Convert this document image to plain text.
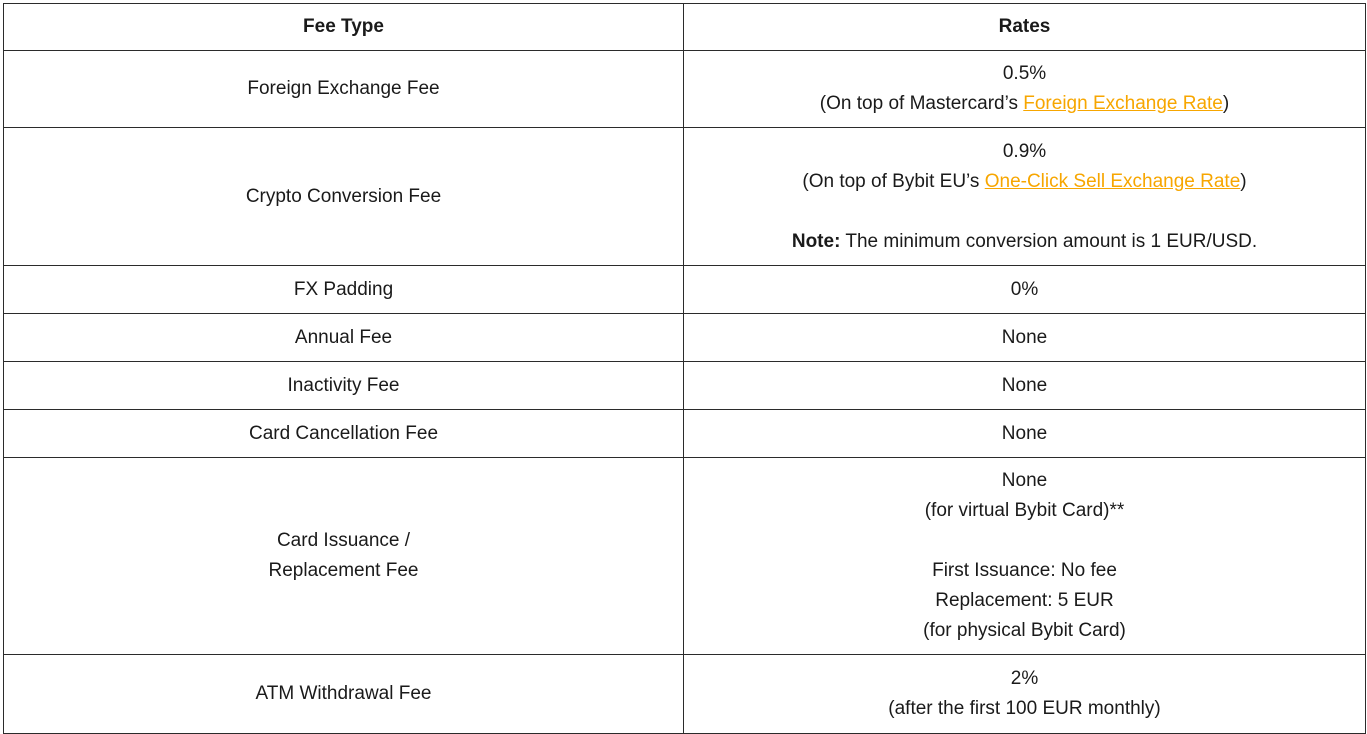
Fee Type	Rates
Foreign Exchange Fee	0.5%
(On top of Mastercard’s Foreign Exchange Rate)

Crypto Conversion Fee	0.9%
(On top of Bybit EU’s One-Click Sell Exchange Rate)
Note: The minimum conversion amount is 1 EUR/USD.

FX Padding	0%
Annual Fee	None
Inactivity Fee	None
Card Cancellation Fee	None

Card Issuance /
Replacement Fee	None
(for virtual Bybit Card)**
First Issuance: No fee
Replacement: 5 EUR
(for physical Bybit Card)

ATM Withdrawal Fee	2%
(after the first 100 EUR monthly)
